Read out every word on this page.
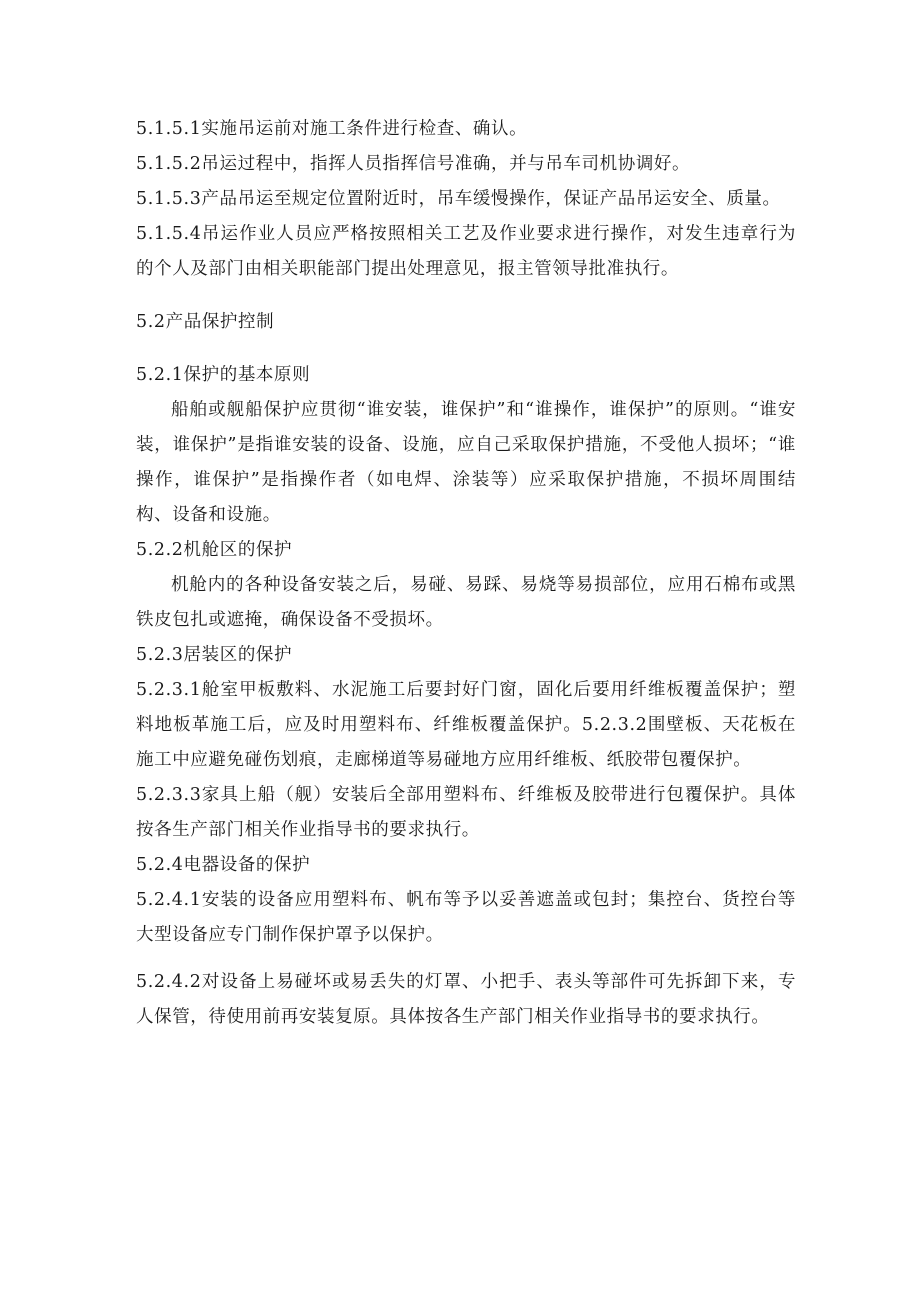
5.1.5.1实施吊运前对施工条件进行检查、确认。

5.1.5.2吊运过程中，指挥人员指挥信号准确，并与吊车司机协调好。

5.1.5.3产品吊运至规定位置附近时，吊车缓慢操作，保证产品吊运安全、质量。

5.1.5.4吊运作业人员应严格按照相关工艺及作业要求进行操作，对发生违章行为的个人及部门由相关职能部门提出处理意见，报主管领导批准执行。

5.2产品保护控制

5.2.1保护的基本原则

船舶或舰船保护应贯彻“谁安装，谁保护”和“谁操作，谁保护”的原则。“谁安装，谁保护”是指谁安装的设备、设施，应自己采取保护措施，不受他人损坏；“谁操作，谁保护”是指操作者（如电焊、涂装等）应采取保护措施，不损坏周围结构、设备和设施。

5.2.2机舱区的保护

机舱内的各种设备安装之后，易碰、易踩、易烧等易损部位，应用石棉布或黑铁皮包扎或遮掩，确保设备不受损坏。

5.2.3居装区的保护

5.2.3.1舱室甲板敷料、水泥施工后要封好门窗，固化后要用纤维板覆盖保护；塑料地板革施工后，应及时用塑料布、纤维板覆盖保护。5.2.3.2围壁板、天花板在施工中应避免碰伤划痕，走廊梯道等易碰地方应用纤维板、纸胶带包覆保护。

5.2.3.3家具上船（舰）安装后全部用塑料布、纤维板及胶带进行包覆保护。具体按各生产部门相关作业指导书的要求执行。

5.2.4电器设备的保护

5.2.4.1安装的设备应用塑料布、帆布等予以妥善遮盖或包封；集控台、货控台等大型设备应专门制作保护罩予以保护。

5.2.4.2对设备上易碰坏或易丢失的灯罩、小把手、表头等部件可先拆卸下来，专人保管，待使用前再安装复原。具体按各生产部门相关作业指导书的要求执行。
